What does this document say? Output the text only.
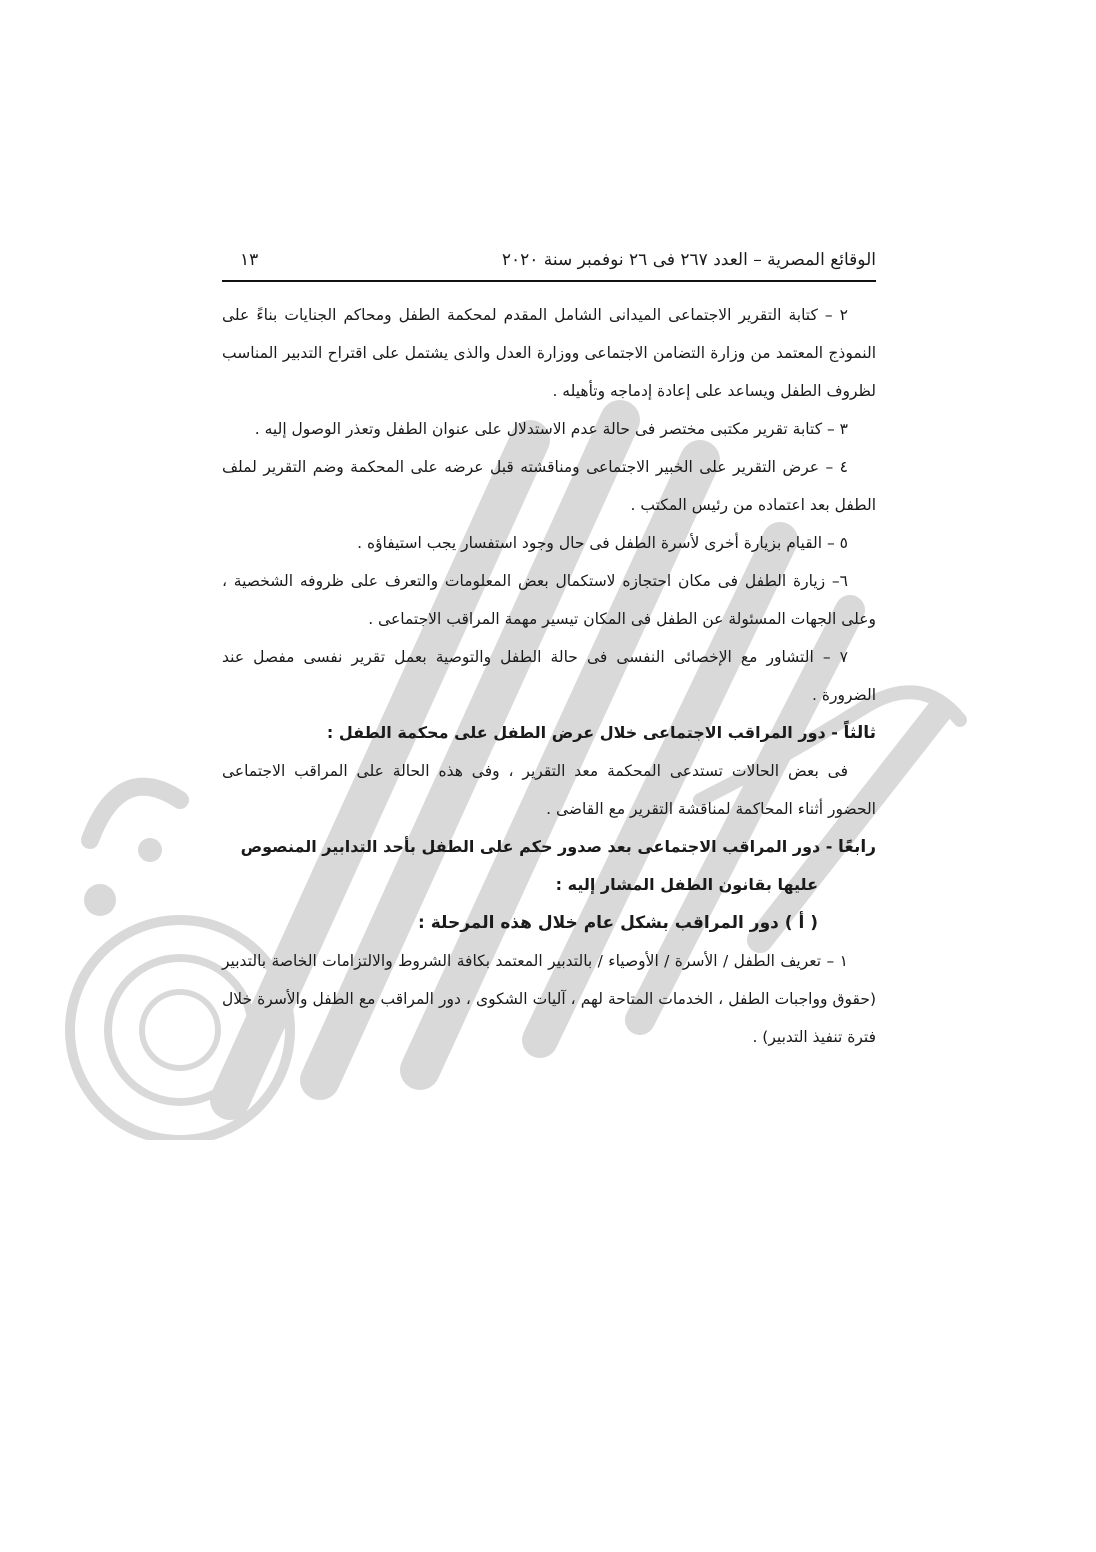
الوقائع المصرية – العدد ٢٦٧ فى ٢٦ نوفمبر سنة ٢٠٢٠
١٣

٢ – كتابة التقرير الاجتماعى الميدانى الشامل المقدم لمحكمة الطفل ومحاكم الجنايات بناءً على النموذج المعتمد من وزارة التضامن الاجتماعى ووزارة العدل والذى يشتمل على اقتراح التدبير المناسب لظروف الطفل ويساعد على إعادة إدماجه وتأهيله .

٣ – كتابة تقرير مكتبى مختصر فى حالة عدم الاستدلال على عنوان الطفل وتعذر الوصول إليه .

٤ – عرض التقرير على الخبير الاجتماعى ومناقشته قبل عرضه على المحكمة وضم التقرير لملف الطفل بعد اعتماده من رئيس المكتب .

٥ – القيام بزيارة أخرى لأسرة الطفل فى حال وجود استفسار يجب استيفاؤه .

٦– زيارة الطفل فى مكان احتجازه لاستكمال بعض المعلومات والتعرف على ظروفه الشخصية ، وعلى الجهات المسئولة عن الطفل فى المكان تيسير مهمة المراقب الاجتماعى .

٧ – التشاور مع الإخصائى النفسى فى حالة الطفل والتوصية بعمل تقرير نفسى مفصل عند الضرورة .

ثالثاً - دور المراقب الاجتماعى خلال عرض الطفل على محكمة الطفل :

فى بعض الحالات تستدعى المحكمة معد التقرير ، وفى هذه الحالة على المراقب الاجتماعى الحضور أثناء المحاكمة لمناقشة التقرير مع القاضى .

رابعًا - دور المراقب الاجتماعى بعد صدور حكم على الطفل بأحد التدابير المنصوص

عليها بقانون الطفل المشار إليه :

( أ ) دور المراقب بشكل عام خلال هذه المرحلة :

١ – تعريف الطفل / الأسرة / الأوصياء / بالتدبير المعتمد بكافة الشروط والالتزامات الخاصة بالتدبير (حقوق وواجبات الطفل ، الخدمات المتاحة لهم ، آليات الشكوى ، دور المراقب مع الطفل والأسرة خلال فترة تنفيذ التدبير) .
